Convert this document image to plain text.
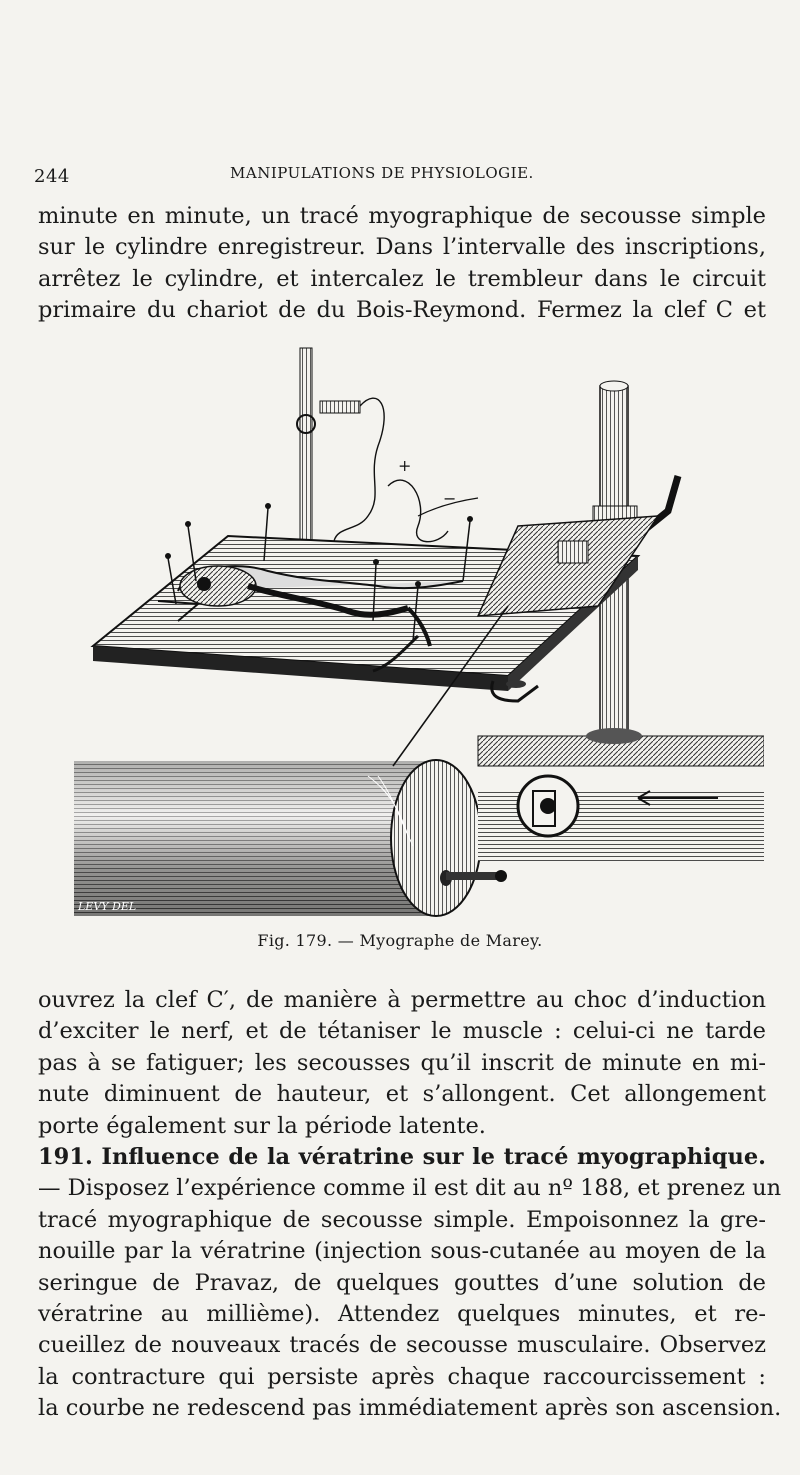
244	MANIPULATIONS DE PHYSIOLOGIE.
minute en minute, un tracé myographique de secousse simple
sur le cylindre enregistreur. Dans l’intervalle des inscriptions,
arrêtez le cylindre, et intercalez le trembleur dans le circuit
primaire du chariot de du Bois-Reymond. Fermez la clef C et
LEVY DEL
+
−
Fig. 179. — Myographe de Marey.
ouvrez la clef C′, de manière à permettre au choc d’induction
d’exciter le nerf, et de tétaniser le muscle : celui-ci ne tarde
pas à se fatiguer; les secousses qu’il inscrit de minute en mi-
nute diminuent de hauteur, et s’allongent. Cet allongement
porte également sur la période latente.
191. Influence de la vératrine sur le tracé myographique.
— Disposez l’expérience comme il est dit au nº 188, et prenez un
tracé myographique de secousse simple. Empoisonnez la gre-
nouille par la vératrine (injection sous-cutanée au moyen de la
seringue de Pravaz, de quelques gouttes d’une solution de
vératrine au millième). Attendez quelques minutes, et re-
cueillez de nouveaux tracés de secousse musculaire. Observez
la contracture qui persiste après chaque raccourcissement :
la courbe ne redescend pas immédiatement après son ascension.
